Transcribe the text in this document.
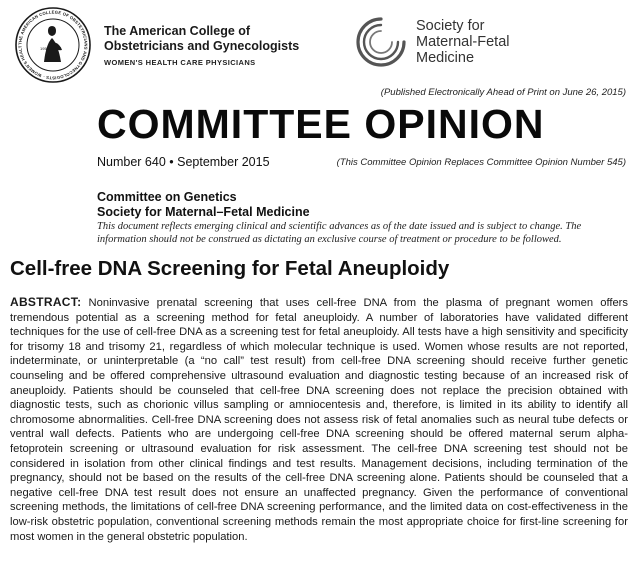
THE AMERICAN COLLEGE OF OBSTETRICIANS AND GYNECOLOGISTS · WOMEN'S HEALT	1951
The American College of
Obstetricians and Gynecologists
WOMEN'S HEALTH CARE PHYSICIANS
Society for
Maternal-Fetal
Medicine
(Published Electronically Ahead of Print on June 26, 2015)
COMMITTEE OPINION
Number 640 • September 2015	(This Committee Opinion Replaces Committee Opinion Number 545)
Committee on Genetics
Society for Maternal–Fetal Medicine
This document reflects emerging clinical and scientific advances as of the date issued and is subject to change. The information should not be construed as dictating an exclusive course of treatment or procedure to be followed.
Cell-free DNA Screening for Fetal Aneuploidy
ABSTRACT: Noninvasive prenatal screening that uses cell-free DNA from the plasma of pregnant women offers tremendous potential as a screening method for fetal aneuploidy. A number of laboratories have validated different techniques for the use of cell-free DNA as a screening test for fetal aneuploidy. All tests have a high sensitivity and specificity for trisomy 18 and trisomy 21, regardless of which molecular technique is used. Women whose results are not reported, indeterminate, or uninterpretable (a “no call” test result) from cell-free DNA screening should receive further genetic counseling and be offered comprehensive ultrasound evaluation and diagnostic testing because of an increased risk of aneuploidy. Patients should be counseled that cell-free DNA screening does not replace the precision obtained with diagnostic tests, such as chorionic villus sampling or amniocentesis and, therefore, is limited in its ability to identify all chromosome abnormalities. Cell-free DNA screening does not assess risk of fetal anomalies such as neural tube defects or ventral wall defects. Patients who are undergoing cell-free DNA screening should be offered maternal serum alpha-fetoprotein screening or ultrasound evaluation for risk assessment. The cell-free DNA screening test should not be considered in isolation from other clinical findings and test results. Management decisions, including termination of the pregnancy, should not be based on the results of the cell-free DNA screening alone. Patients should be counseled that a negative cell-free DNA test result does not ensure an unaffected pregnancy. Given the performance of conventional screening methods, the limitations of cell-free DNA screening performance, and the limited data on cost-effectiveness in the low-risk obstetric population, conventional screening methods remain the most appropriate choice for first-line screening for most women in the general obstetric population.
